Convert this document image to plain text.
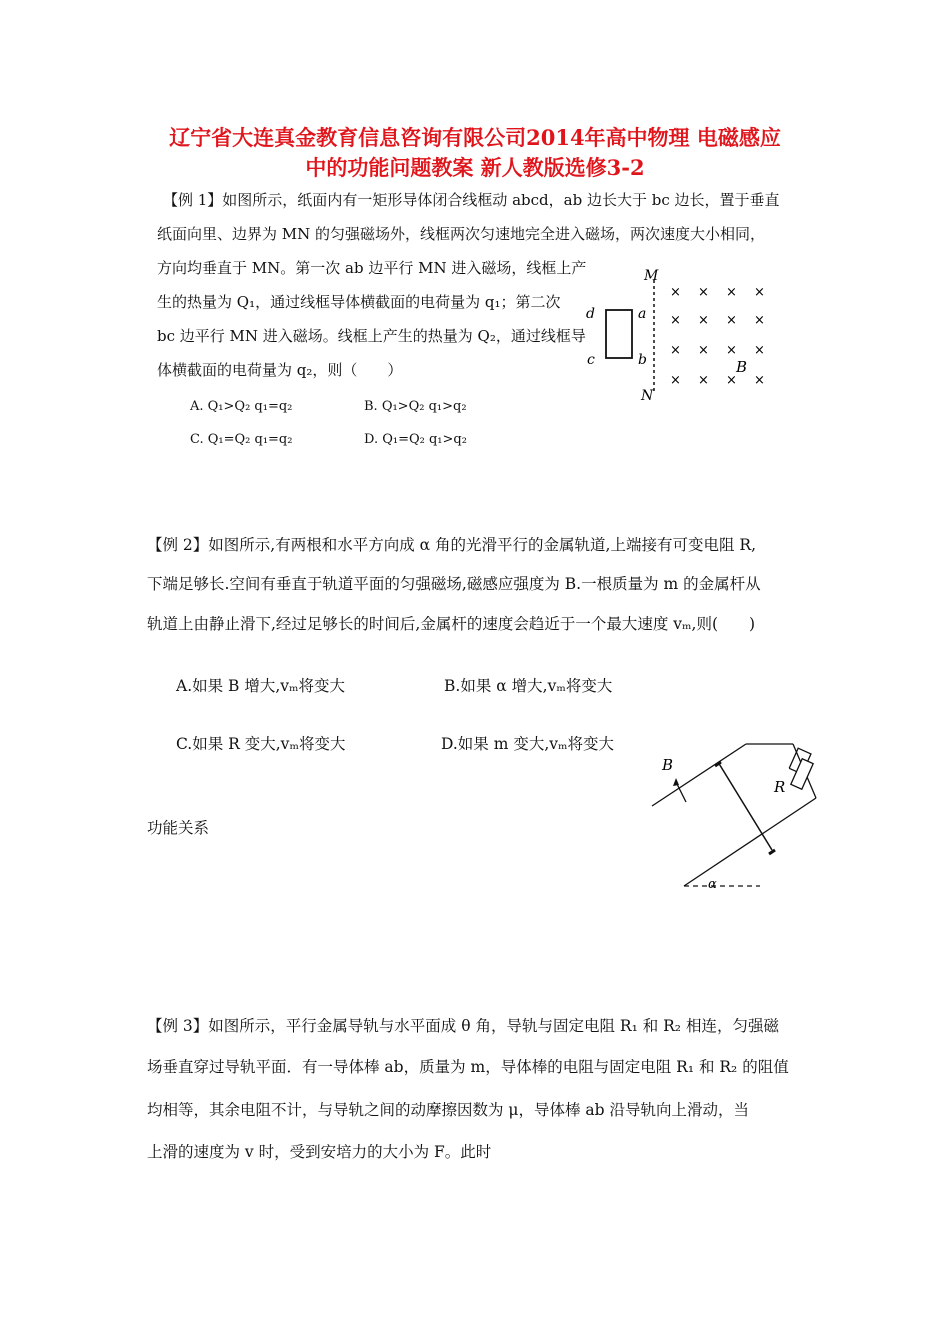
辽宁省大连真金教育信息咨询有限公司2014年高中物理 电磁感应
中的功能问题教案 新人教版选修3-2
【例 1】如图所示，纸面内有一矩形导体闭合线框动 abcd，ab 边长大于 bc 边长，置于垂直
纸面向里、边界为 MN 的匀强磁场外，线框两次匀速地完全进入磁场，两次速度大小相同，
方向均垂直于 MN。第一次 ab 边平行 MN 进入磁场，线框上产
生的热量为 Q₁，通过线框导体横截面的电荷量为 q₁；第二次
bc 边平行 MN 进入磁场。线框上产生的热量为 Q₂，通过线框导
体横截面的电荷量为 q₂，则（　　）
A. Q₁>Q₂ q₁=q₂	B. Q₁>Q₂ q₁>q₂
C. Q₁=Q₂ q₁=q₂	D. Q₁=Q₂ q₁>q₂
M
N
d
c
a
b
× × × ×
× × × ×
× × × ×
× × × ×
B
【例 2】如图所示,有两根和水平方向成 α 角的光滑平行的金属轨道,上端接有可变电阻 R,
下端足够长.空间有垂直于轨道平面的匀强磁场,磁感应强度为 B.一根质量为 m 的金属杆从
轨道上由静止滑下,经过足够长的时间后,金属杆的速度会趋近于一个最大速度 vₘ,则(　　)
A.如果 B 增大,vₘ将变大	B.如果 α 增大,vₘ将变大
C.如果 R 变大,vₘ将变大	D.如果 m 变大,vₘ将变大
B
R
α
功能关系
【例 3】如图所示，平行金属导轨与水平面成 θ 角，导轨与固定电阻 R₁ 和 R₂ 相连，匀强磁
场垂直穿过导轨平面．有一导体棒 ab，质量为 m，导体棒的电阻与固定电阻 R₁ 和 R₂ 的阻值
均相等，其余电阻不计，与导轨之间的动摩擦因数为 μ，导体棒 ab 沿导轨向上滑动，当
上滑的速度为 v 时，受到安培力的大小为 F。此时
